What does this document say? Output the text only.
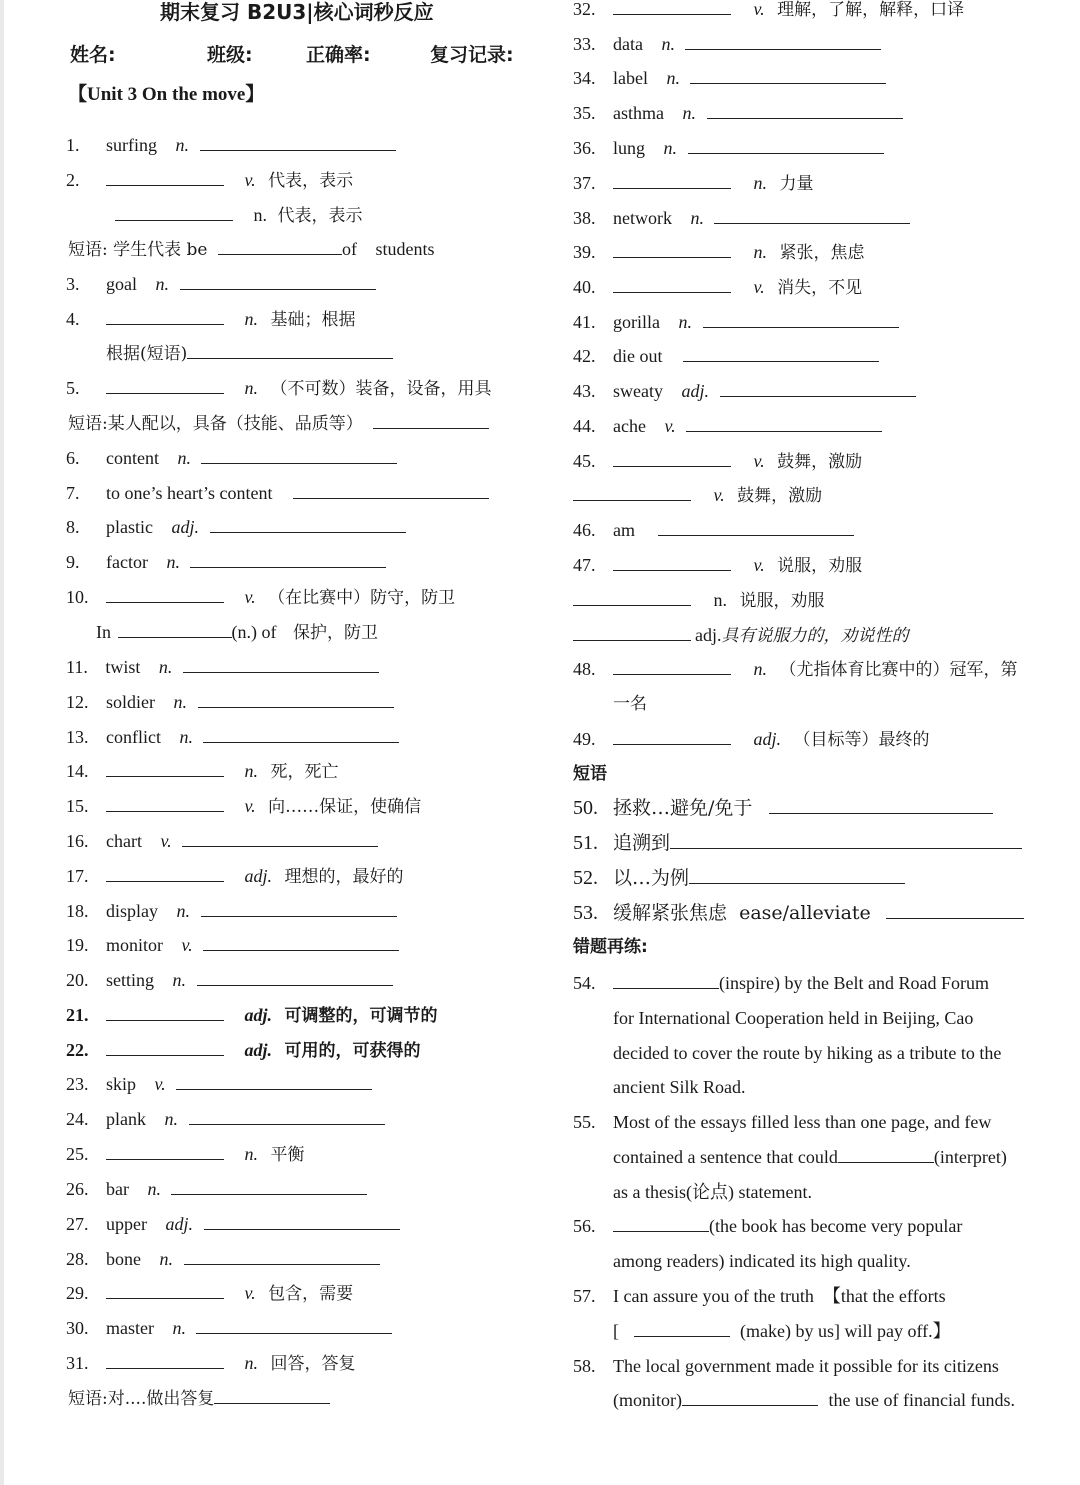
期末复习 B2U3|核心词秒反应
姓名:	班级:	正确率:	复习记录:
【Unit 3 On the move】
1. surfing n.
2.	v. 代表，表示
n. 代表，表示
短语: 学生代表 be	of students
3. goal n.
4.	n. 基础；根据
根据(短语)
5.	n. （不可数）装备，设备，用具
短语:某人配以，具备（技能、品质等）
6. content n.
7. to one’s heart’s content
8. plastic adj.
9. factor n.
10.	v. （在比赛中）防守，防卫
In	(n.) of 保护，防卫
11. twist n.
12. soldier n.
13. conflict n.
14.	n. 死，死亡
15.	v. 向……保证，使确信
16. chart v.
17.	adj. 理想的，最好的
18. display n.
19. monitor v.
20. setting n.
21.	adj. 可调整的，可调节的
22.	adj. 可用的，可获得的
23. skip v.
24. plank n.
25.	n. 平衡
26. bar n.
27. upper adj.
28. bone n.
29.	v. 包含，需要
30. master n.
31.	n. 回答，答复
短语:对....做出答复
32.	v. 理解，了解，解释，口译
33. data n.
34. label n.
35. asthma n.
36. lung n.
37.	n. 力量
38. network n.
39.	n. 紧张，焦虑
40.	v. 消失，不见
41. gorilla n.
42. die out
43. sweaty adj.
44. ache v.
45.	v. 鼓舞，激励
v. 鼓舞，激励
46. am
47.	v. 说服，劝服
n. 说服，劝服
adj.具有说服力的，劝说性的
48.	n. （尤指体育比赛中的）冠军，第
一名
49.	adj. （目标等）最终的
短语
50. 拯救…避免/免于
51. 追溯到
52. 以…为例
53. 缓解紧张焦虑  ease/alleviate
错题再练:
54.	(inspire) by the Belt and Road Forum
for International Cooperation held in Beijing, Cao
decided to cover the route by hiking as a tribute to the
ancient Silk Road.
55. Most of the essays filled less than one page, and few
contained a sentence that could	(interpret)
as a thesis(论点) statement.
56.	(the book has become very popular
among readers) indicated its high quality.
57. I can assure you of the truth  【that the efforts
[	(make) by us] will pay off.】
58. The local government made it possible for its citizens
(monitor)	the use of financial funds.
